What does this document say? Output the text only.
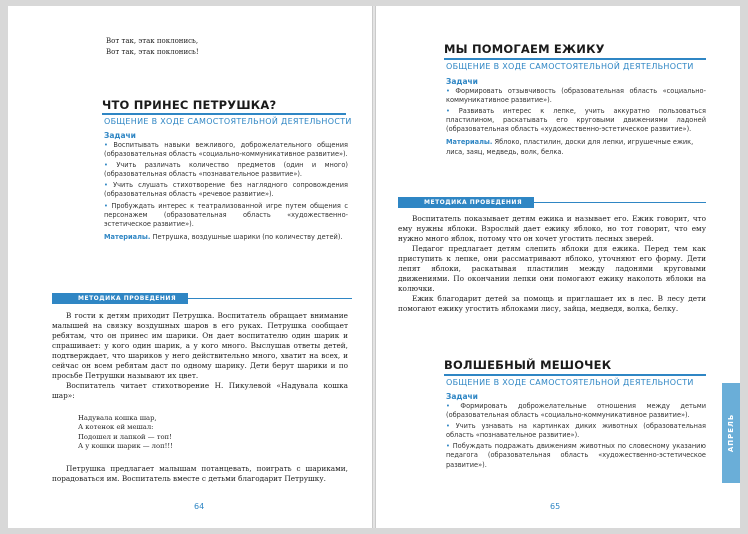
Вот так, этак поклонись,
Вот так, этак поклонись!
ЧТО ПРИНЕС ПЕТРУШКА?
ОБЩЕНИЕ В ХОДЕ САМОСТОЯТЕЛЬНОЙ ДЕЯТЕЛЬНОСТИ
Задачи
• Воспитывать навыки вежливого, доброжелательного общения (образовательная область «социально-коммуникативное развитие»).
• Учить различать количество предметов (один и много) (образовательная область «познавательное развитие»).
• Учить слушать стихотворение без наглядного сопровождения (образовательная область «речевое развитие»).
• Пробуждать интерес к театрализованной игре путем общения с персонажем (образовательная область «художественно-эстетическое развитие»).
Материалы. Петрушка, воздушные шарики (по количеству детей).
МЕТОДИКА ПРОВЕДЕНИЯ

В гости к детям приходит Петрушка. Воспитатель обращает внимание малышей на связку воздушных шаров в его руках. Петрушка сообщает ребятам, что он принес им шарики. Он дает воспитателю один шарик и спрашивает: у кого один шарик, а у кого много. Выслушав ответы детей, подтверждает, что шариков у него действительно много, хватит на всех, и сейчас он всем ребятам даст по одному шарику. Дети берут шарики и по просьбе Петрушки называют их цвет.

Воспитатель читает стихотворение Н. Пикулевой «Надувала кошка шар»:

Надувала кошка шар,
А котенок ей мешал:
Подошел и лапкой — топ!
А у кошки шарик — лоп!!!

Петрушка предлагает малышам потанцевать, поиграть с шариками, порадоваться им. Воспитатель вместе с детьми благодарит Петрушку.

64
МЫ ПОМОГАЕМ ЕЖИКУ
ОБЩЕНИЕ В ХОДЕ САМОСТОЯТЕЛЬНОЙ ДЕЯТЕЛЬНОСТИ
Задачи
• Формировать отзывчивость (образовательная область «социально-коммуникативное развитие»).
• Развивать интерес к лепке, учить аккуратно пользоваться пластилином, раскатывать его круговыми движениями ладоней (образовательная область «художественно-эстетическое развитие»).
Материалы. Яблоко, пластилин, доски для лепки, игрушечные ежик, лиса, заяц, медведь, волк, белка.
МЕТОДИКА ПРОВЕДЕНИЯ

Воспитатель показывает детям ежика и называет его. Ежик говорит, что ему нужны яблоки. Взрослый дает ежику яблоко, но тот говорит, что ему нужно много яблок, потому что он хочет угостить лесных зверей.

Педагог предлагает детям слепить яблоки для ежика. Перед тем как приступить к лепке, они рассматривают яблоко, уточняют его форму. Дети лепят яблоки, раскатывая пластилин между ладонями круговыми движениями. По окончании лепки они помогают ежику наколоть яблоки на колючки.

Ежик благодарит детей за помощь и приглашает их в лес. В лесу дети помогают ежику угостить яблоками лису, зайца, медведя, волка, белку.

ВОЛШЕБНЫЙ МЕШОЧЕК
ОБЩЕНИЕ В ХОДЕ САМОСТОЯТЕЛЬНОЙ ДЕЯТЕЛЬНОСТИ
Задачи
• Формировать доброжелательные отношения между детьми (образовательная область «социально-коммуникативное развитие»).
• Учить узнавать на картинках диких животных (образовательная область «познавательное развитие»).
• Побуждать подражать движениям животных по словесному указанию педагога (образовательная область «художественно-эстетическое развитие»).
АПРЕЛЬ
65
